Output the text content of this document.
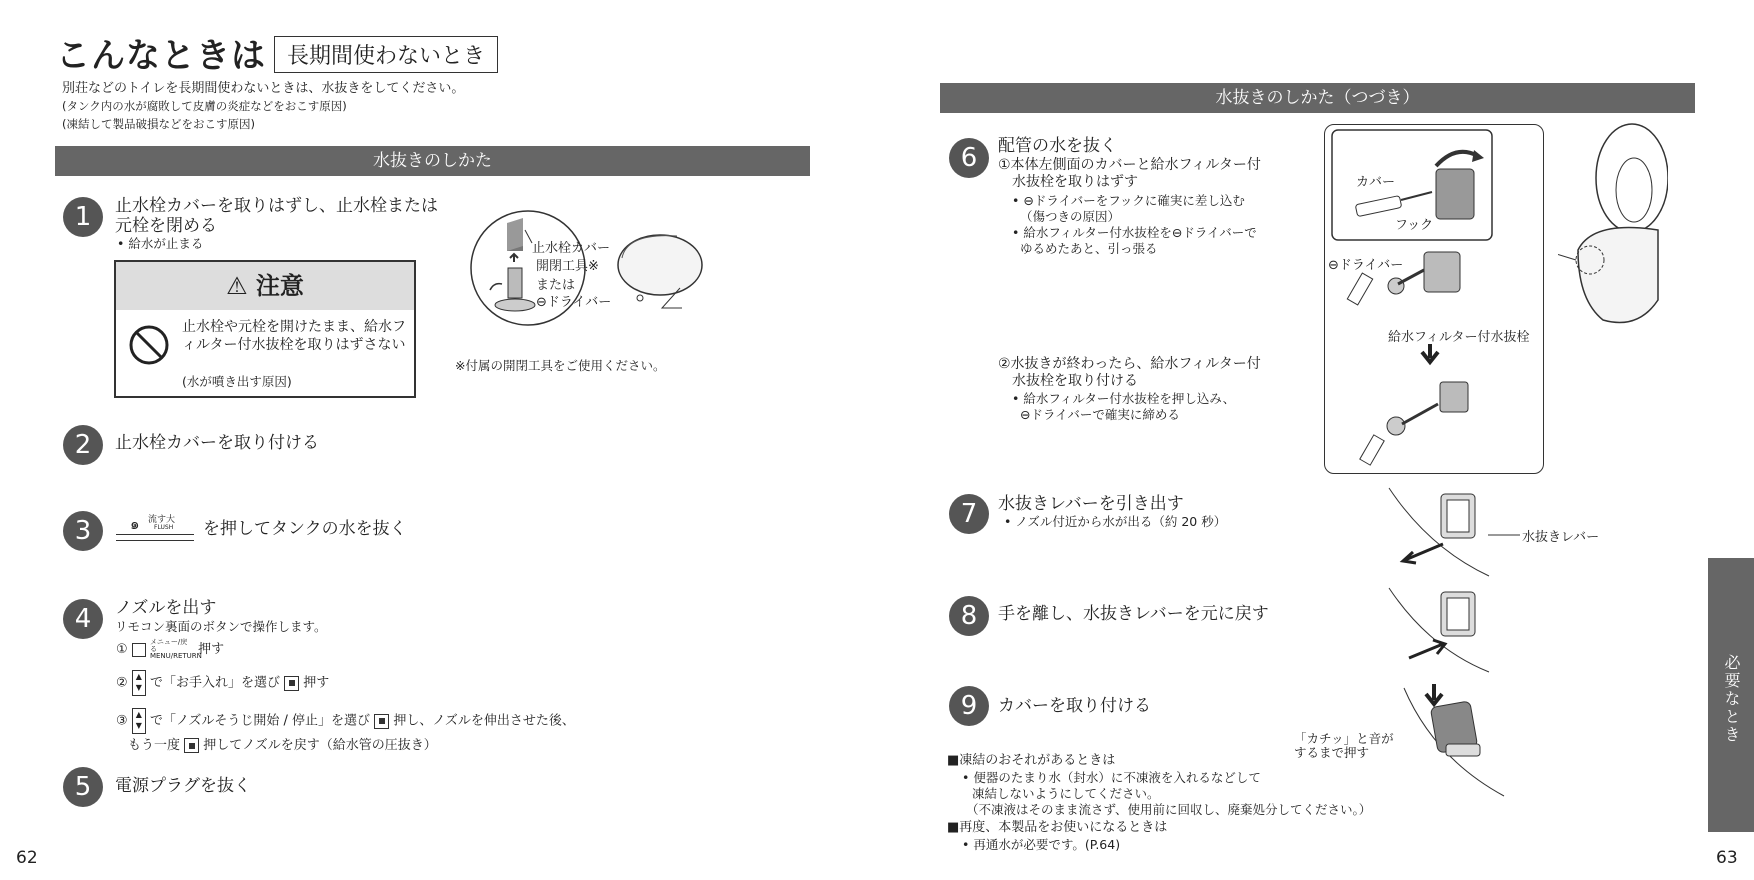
こんなときは 長期間使わないとき
別荘などのトイレを長期間使わないときは、水抜きをしてください。
(タンク内の水が腐敗して皮膚の炎症などをおこす原因)
(凍結して製品破損などをおこす原因)
水抜きのしかた
1	止水栓カバーを取りはずし、止水栓または
元栓を閉める
• 給水が止まる
⚠ 注意
止水栓や元栓を開けたまま、給水フィルター付水抜栓を取りはずさない
(水が噴き出す原因)
止水栓カバー
開閉工具※
または
⊖ドライバー
※付属の開閉工具をご使用ください。
2	止水栓カバーを取り付ける
3	๑ 流す大
FLUSH を押してタンクの水を抜く
4	ノズルを出す
リモコン裏面のボタンで操作します。
①	メニュー/戻る MENU/RETURN 押す
② ▲
▼ で「お手入れ」を選び 押す
③ ▲
▼ で「ノズルそうじ開始 / 停止」を選び 押し、ノズルを伸出させた後、
もう一度 押してノズルを戻す（給水管の圧抜き）
5	電源プラグを抜く
62
水抜きのしかた（つづき）
6	配管の水を抜く
①本体左側面のカバーと給水フィルター付
水抜栓を取りはずす
• ⊖ドライバーをフックに確実に差し込む
（傷つきの原因）
• 給水フィルター付水抜栓を⊖ドライバーで
ゆるめたあと、引っ張る
②水抜きが終わったら、給水フィルター付
水抜栓を取り付ける
• 給水フィルター付水抜栓を押し込み、
⊖ドライバーで確実に締める
カバー
フック
⊖ドライバー
給水フィルター付水抜栓
7	水抜きレバーを引き出す
• ノズル付近から水が出る（約 20 秒）
水抜きレバー
8	手を離し、水抜きレバーを元に戻す
9	カバーを取り付ける
「カチッ」と音が
するまで押す
■凍結のおそれがあるときは
• 便器のたまり水（封水）に不凍液を入れるなどして
凍結しないようにしてください。
（不凍液はそのまま流さず、使用前に回収し、廃棄処分してください。）
■再度、本製品をお使いになるときは
• 再通水が必要です。(P.64)
必要なとき
63
